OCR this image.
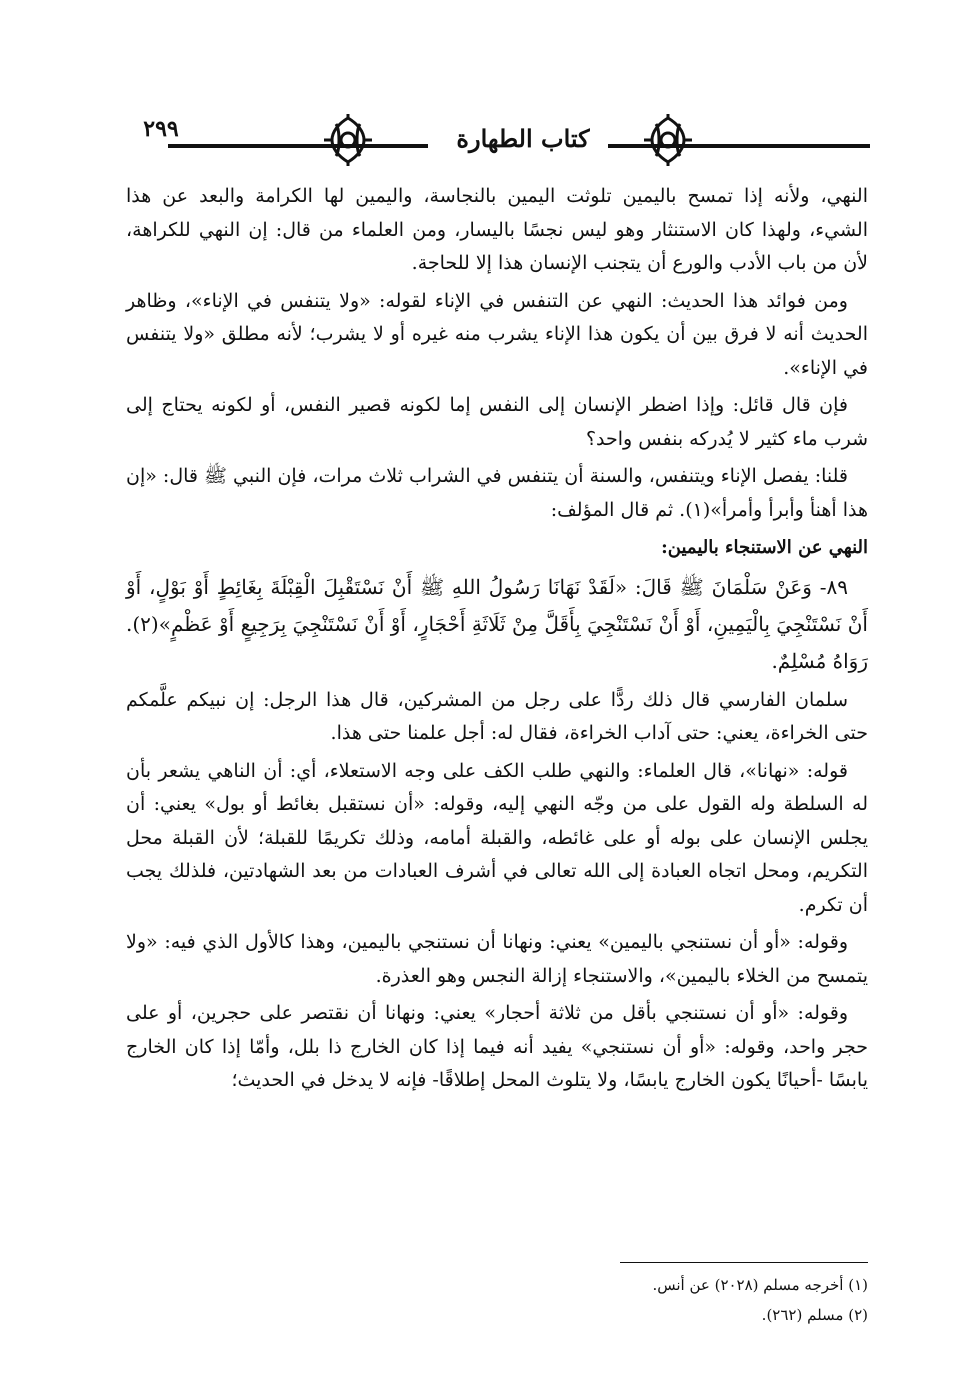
٢٩٩	كتاب الطهارة

النهي، ولأنه إذا تمسح باليمين تلوثت اليمين بالنجاسة، واليمين لها الكرامة والبعد عن هذا الشيء، ولهذا كان الاستنثار وهو ليس نجسًا باليسار، ومن العلماء من قال: إن النهي للكراهة، لأن من باب الأدب والورع أن يتجنب الإنسان هذا إلا للحاجة.

ومن فوائد هذا الحديث: النهي عن التنفس في الإناء لقوله: «ولا يتنفس في الإناء»، وظاهر الحديث أنه لا فرق بين أن يكون هذا الإناء يشرب منه غيره أو لا يشرب؛ لأنه مطلق «ولا يتنفس في الإناء».

فإن قال قائل: وإذا اضطر الإنسان إلى النفس إما لكونه قصير النفس، أو لكونه يحتاج إلى شرب ماء كثير لا يُدركه بنفس واحد؟

قلنا: يفصل الإناء ويتنفس، والسنة أن يتنفس في الشراب ثلاث مرات، فإن النبي ﷺ قال: «إن هذا أهنأ وأبرأ وأمرأ»(١). ثم قال المؤلف:

النهي عن الاستنجاء باليمين:

٨٩- وَعَنْ سَلْمَانَ ﷺ قَالَ: «لَقَدْ نَهَانَا رَسُولُ اللهِ ﷺ أَنْ نَسْتَقْبِلَ الْقِبْلَةَ بِغَائِطٍ أَوْ بَوْلٍ، أَوْ أَنْ نَسْتَنْجِيَ بِالْيَمِينِ، أَوْ أَنْ نَسْتَنْجِيَ بِأَقَلَّ مِنْ ثَلَاثَةِ أَحْجَارٍ، أَوْ أَنْ نَسْتَنْجِيَ بِرَجِيعٍ أَوْ عَظْمٍ»(٢). رَوَاهُ مُسْلِمٌ.

سلمان الفارسي قال ذلك ردًّا على رجل من المشركين، قال هذا الرجل: إن نبيكم علَّمكم حتى الخراءة، يعني: حتى آداب الخراءة، فقال له: أجل علمنا حتى هذا.

قوله: «نهانا»، قال العلماء: والنهي طلب الكف على وجه الاستعلاء، أي: أن الناهي يشعر بأن له السلطة وله القول على من وجّه النهي إليه، وقوله: «أن نستقبل بغائط أو بول» يعني: أن يجلس الإنسان على بوله أو على غائطه، والقبلة أمامه، وذلك تكريمًا للقبلة؛ لأن القبلة محل التكريم، ومحل اتجاه العبادة إلى الله تعالى في أشرف العبادات من بعد الشهادتين، فلذلك يجب أن تكرم.

وقوله: «أو أن نستنجي باليمين» يعني: ونهانا أن نستنجي باليمين، وهذا كالأول الذي فيه: «ولا يتمسح من الخلاء باليمين»، والاستنجاء إزالة النجس وهو العذرة.

وقوله: «أو أن نستنجي بأقل من ثلاثة أحجار» يعني: ونهانا أن نقتصر على حجرين، أو على حجر واحد، وقوله: «أو أن نستنجي» يفيد أنه فيما إذا كان الخارج ذا بلل، وأمّا إذا كان الخارج يابسًا -أحيانًا يكون الخارج يابسًا، ولا يتلوث المحل إطلاقًا- فإنه لا يدخل في الحديث؛

(١) أخرجه مسلم (٢٠٢٨) عن أنس.
(٢) مسلم (٢٦٢).
